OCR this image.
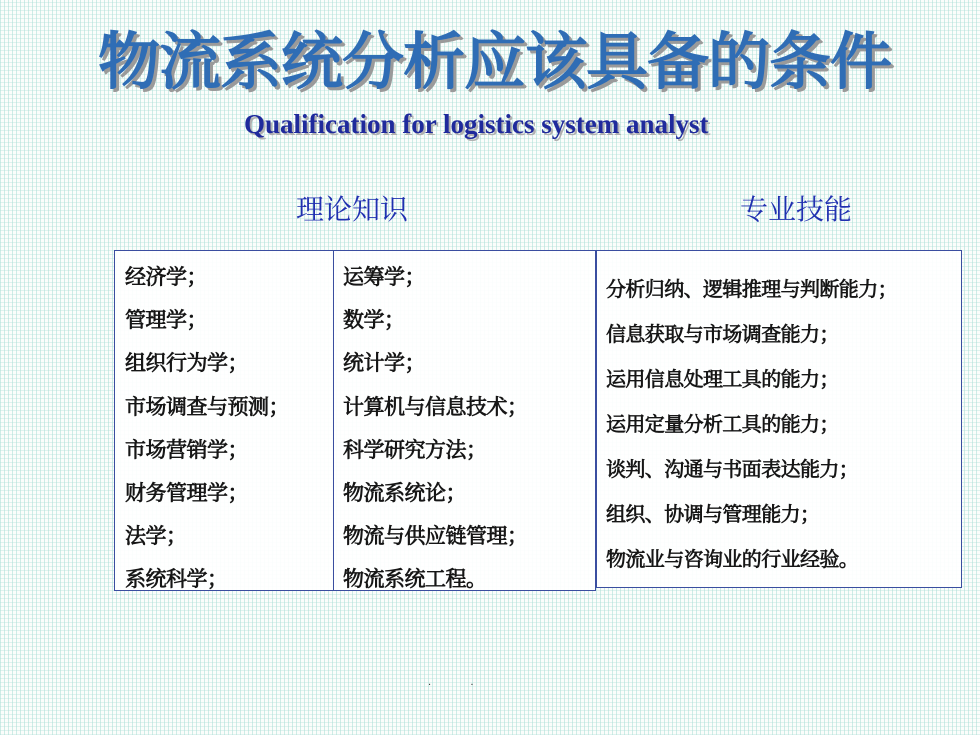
物流系统分析应该具备的条件
Qualification for logistics system analyst
理论知识	专业技能
经济学；
管理学；
组织行为学；
市场调查与预测；
市场营销学；
财务管理学；
法学；
系统科学；
运筹学；
数学；
统计学；
计算机与信息技术；
科学研究方法；
物流系统论；
物流与供应链管理；
物流系统工程。
分析归纳、逻辑推理与判断能力；
信息获取与市场调查能力；
运用信息处理工具的能力；
运用定量分析工具的能力；
谈判、沟通与书面表达能力；
组织、协调与管理能力；
物流业与咨询业的行业经验。
· ·
